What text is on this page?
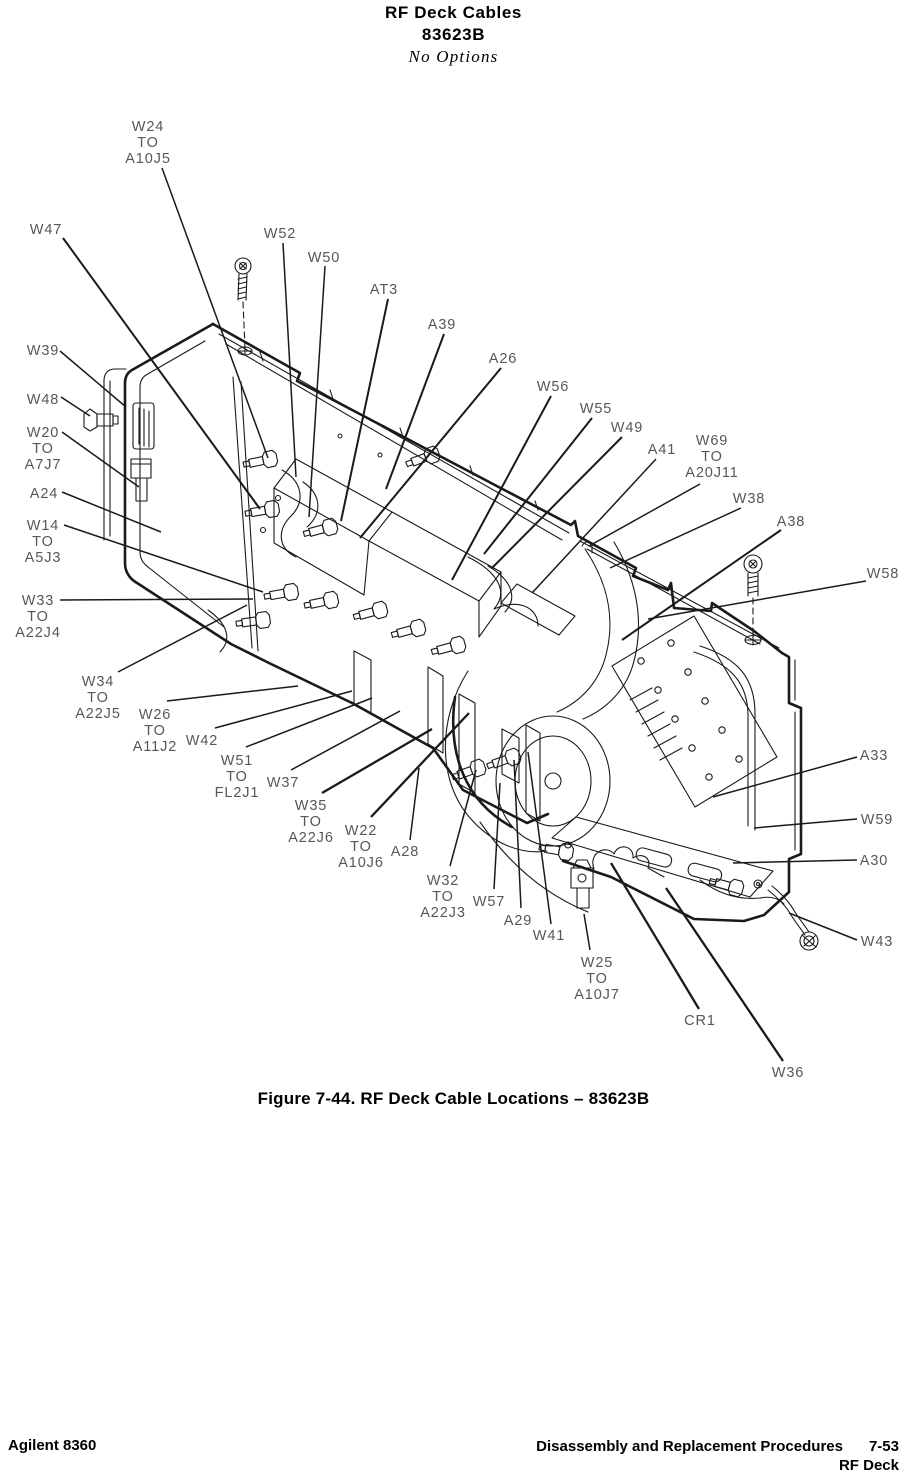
RF Deck Cables
83623B
No Options
W24
TO
A10J5
W47	W52
W50
AT3
A39
A26
W56
W55
W49
A41
W69
TO
A20J11
W38
A38
W58
W39
W48
W20
TO
A7J7
A24
W14
TO
A5J3
W33
TO
A22J4
W34
TO
A22J5	W26
TO
A11J2 W42
W51
TO
FL2J1
W37
W35
TO
A22J6 W22
TO
A10J6
A28
W32
TO
A22J3
W57
A29
W41
W25
TO
A10J7
CR1
W36
A33
W59
A30
W43
Figure 7-44. RF Deck Cable Locations – 83623B
Agilent 8360	Disassembly and Replacement Procedures 7-53
RF Deck
